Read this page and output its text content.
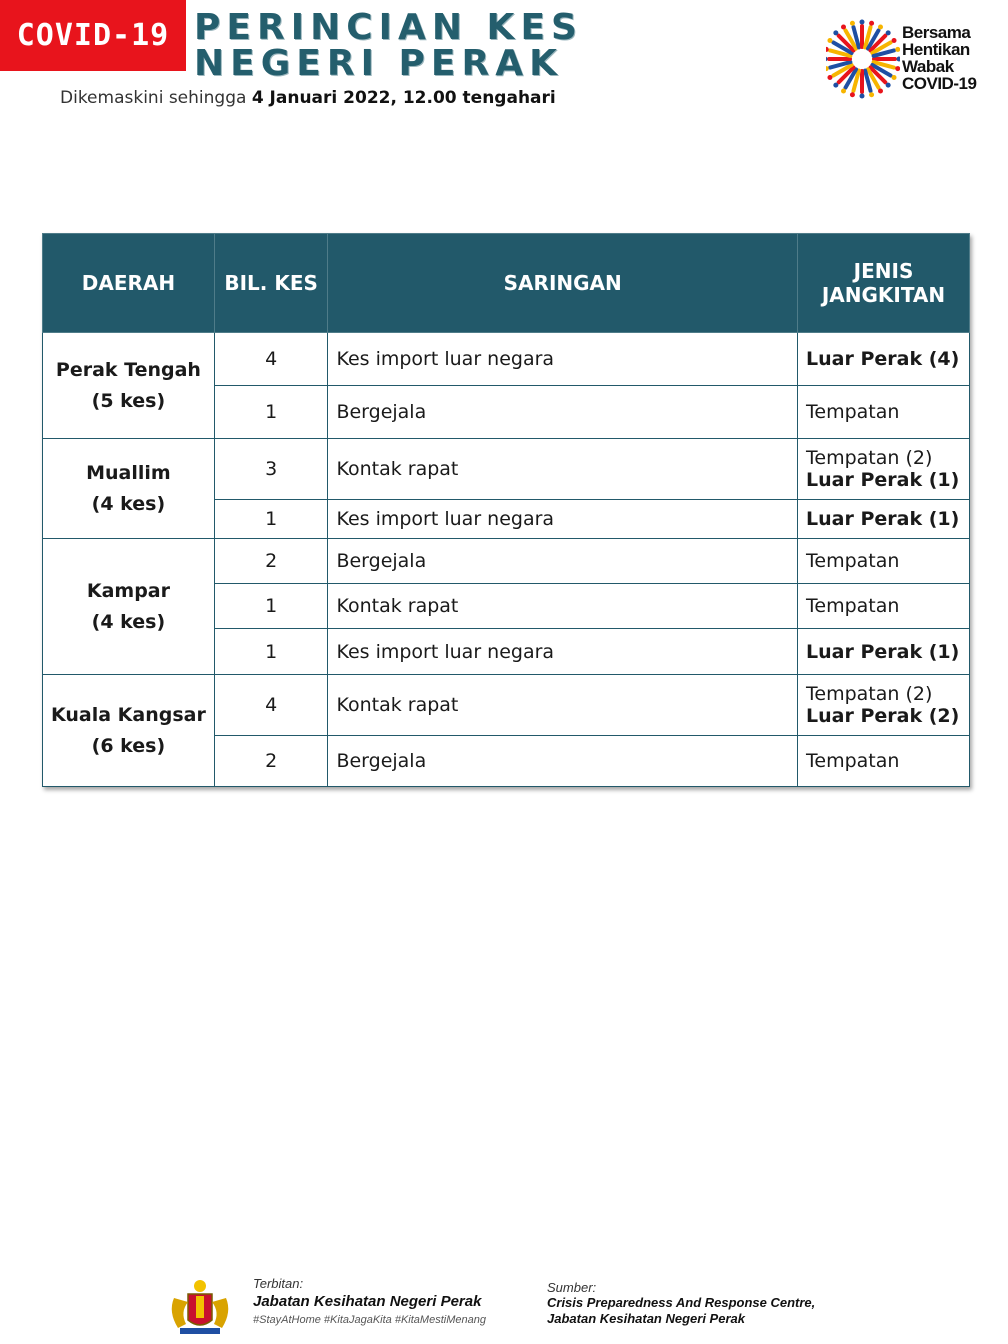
COVID-19 PERINCIAN KES
NEGERI PERAK
Dikemaskini sehingga 4 Januari 2022, 12.00 tengahari
Bersama
Hentikan
Wabak
COVID-19
DAERAH	BIL. KES	SARINGAN	JENIS
JANGKITAN

Perak Tengah
(5 kes)	4	Kes import luar negara	Luar Perak (4)

	1	Bergejala	Tempatan

Muallim
(4 kes)	3	Kontak rapat	Tempatan (2)
Luar Perak (1)

	1	Kes import luar negara	Luar Perak (1)

Kampar
(4 kes)	2	Bergejala	Tempatan

	1	Kontak rapat	Tempatan

	1	Kes import luar negara	Luar Perak (1)

Kuala Kangsar
(6 kes)	4	Kontak rapat	Tempatan (2)
Luar Perak (2)

	2	Bergejala	Tempatan
Terbitan:
Jabatan Kesihatan Negeri Perak
#StayAtHome #KitaJagaKita #KitaMestiMenang
Sumber:
Crisis Preparedness And Response Centre,
Jabatan Kesihatan Negeri Perak
